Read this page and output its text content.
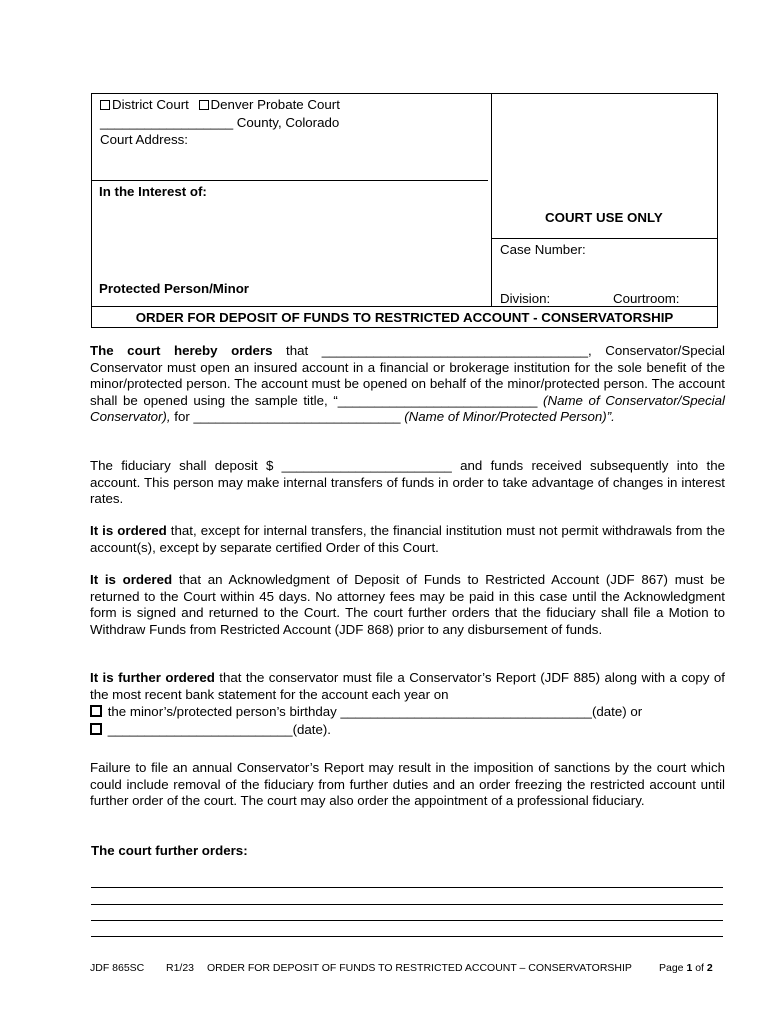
District Court Denver Probate Court
__________________ County, Colorado
Court Address:
In the Interest of:
Protected Person/Minor
COURT USE ONLY
Case Number:
Division:	Courtroom:
ORDER FOR DEPOSIT OF FUNDS TO RESTRICTED ACCOUNT - CONSERVATORSHIP

The court hereby orders that ____________________________________, Conservator/Special Conservator must open an insured account in a financial or brokerage institution for the sole benefit of the minor/protected person. The account must be opened on behalf of the minor/protected person. The account shall be opened using the sample title, “___________________________ (Name of Conservator/Special Conservator), for ____________________________ (Name of Minor/Protected Person)”.

The fiduciary shall deposit $ _______________________ and funds received subsequently into the account. This person may make internal transfers of funds in order to take advantage of changes in interest rates.

It is ordered that, except for internal transfers, the financial institution must not permit withdrawals from the account(s), except by separate certified Order of this Court.

It is ordered that an Acknowledgment of Deposit of Funds to Restricted Account (JDF 867) must be returned to the Court within 45 days. No attorney fees may be paid in this case until the Acknowledgment form is signed and returned to the Court. The court further orders that the fiduciary shall file a Motion to Withdraw Funds from Restricted Account (JDF 868) prior to any disbursement of funds.

It is further ordered that the conservator must file a Conservator’s Report (JDF 885) along with a copy of the most recent bank statement for the account each year on

the minor’s/protected person’s birthday __________________________________(date) or

_________________________(date).

Failure to file an annual Conservator’s Report may result in the imposition of sanctions by the court which could include removal of the fiduciary from further duties and an order freezing the restricted account until further order of the court. The court may also order the appointment of a professional fiduciary.

The court further orders:
JDF 865SC R1/23 ORDER FOR DEPOSIT OF FUNDS TO RESTRICTED ACCOUNT – CONSERVATORSHIP	Page 1 of 2
